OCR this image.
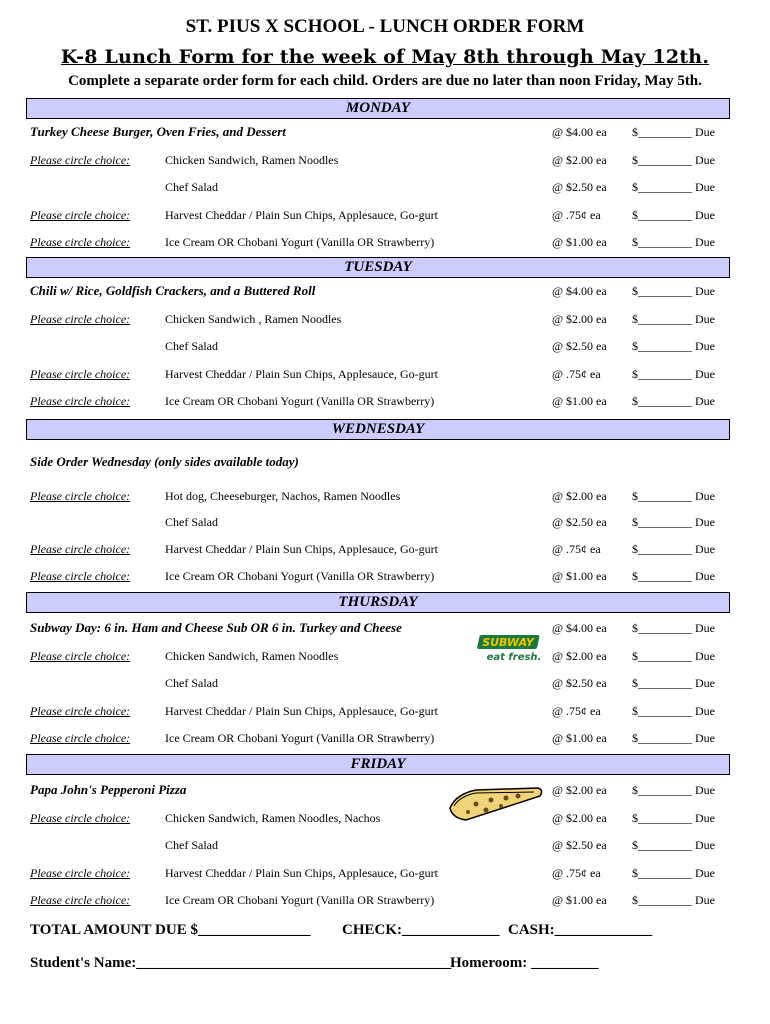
ST. PIUS X SCHOOL - LUNCH ORDER FORM
K-8 Lunch Form for the week of May 8th through May 12th.
Complete a separate order form for each child. Orders are due no later than noon Friday, May 5th.
MONDAY
Turkey Cheese Burger, Oven Fries, and Dessert	@ $4.00 ea $_________ Due
Please circle choice:	Chicken Sandwich, Ramen Noodles	@ $2.00 ea $_________ Due
Chef Salad	@ $2.50 ea $_________ Due
Please circle choice:	Harvest Cheddar / Plain Sun Chips, Applesauce, Go-gurt	@ .75¢ ea	$_________ Due
Please circle choice:	Ice Cream OR Chobani Yogurt (Vanilla OR Strawberry)	@ $1.00 ea $_________ Due
TUESDAY
Chili w/ Rice, Goldfish Crackers, and a Buttered Roll	@ $4.00 ea $_________ Due
Please circle choice:	Chicken Sandwich , Ramen Noodles	@ $2.00 ea $_________ Due
Chef Salad	@ $2.50 ea $_________ Due
Please circle choice:	Harvest Cheddar / Plain Sun Chips, Applesauce, Go-gurt	@ .75¢ ea	$_________ Due
Please circle choice:	Ice Cream OR Chobani Yogurt (Vanilla OR Strawberry)	@ $1.00 ea $_________ Due
WEDNESDAY
Side Order Wednesday (only sides available today)
Please circle choice:	Hot dog, Cheeseburger, Nachos, Ramen Noodles	@ $2.00 ea $_________ Due
Chef Salad	@ $2.50 ea $_________ Due
Please circle choice:	Harvest Cheddar / Plain Sun Chips, Applesauce, Go-gurt	@ .75¢ ea	$_________ Due
Please circle choice:	Ice Cream OR Chobani Yogurt (Vanilla OR Strawberry)	@ $1.00 ea $_________ Due
THURSDAY
Subway Day: 6 in. Ham and Cheese Sub OR 6 in. Turkey and Cheese	@ $4.00 ea $_________ Due
SUBWAY
eat fresh.
Please circle choice:	Chicken Sandwich, Ramen Noodles	@ $2.00 ea $_________ Due
Chef Salad	@ $2.50 ea $_________ Due
Please circle choice:	Harvest Cheddar / Plain Sun Chips, Applesauce, Go-gurt	@ .75¢ ea	$_________ Due
Please circle choice:	Ice Cream OR Chobani Yogurt (Vanilla OR Strawberry)	@ $1.00 ea $_________ Due
FRIDAY
Papa John's Pepperoni Pizza	@ $2.00 ea $_________ Due
Please circle choice:	Chicken Sandwich, Ramen Noodles, Nachos	@ $2.00 ea $_________ Due
Chef Salad	@ $2.50 ea $_________ Due
Please circle choice:	Harvest Cheddar / Plain Sun Chips, Applesauce, Go-gurt	@ .75¢ ea	$_________ Due
Please circle choice:	Ice Cream OR Chobani Yogurt (Vanilla OR Strawberry)	@ $1.00 ea $_________ Due
TOTAL AMOUNT DUE $_______________ CHECK:_____________ CASH:_____________
Student's Name:__________________________________________
Homeroom: _________
